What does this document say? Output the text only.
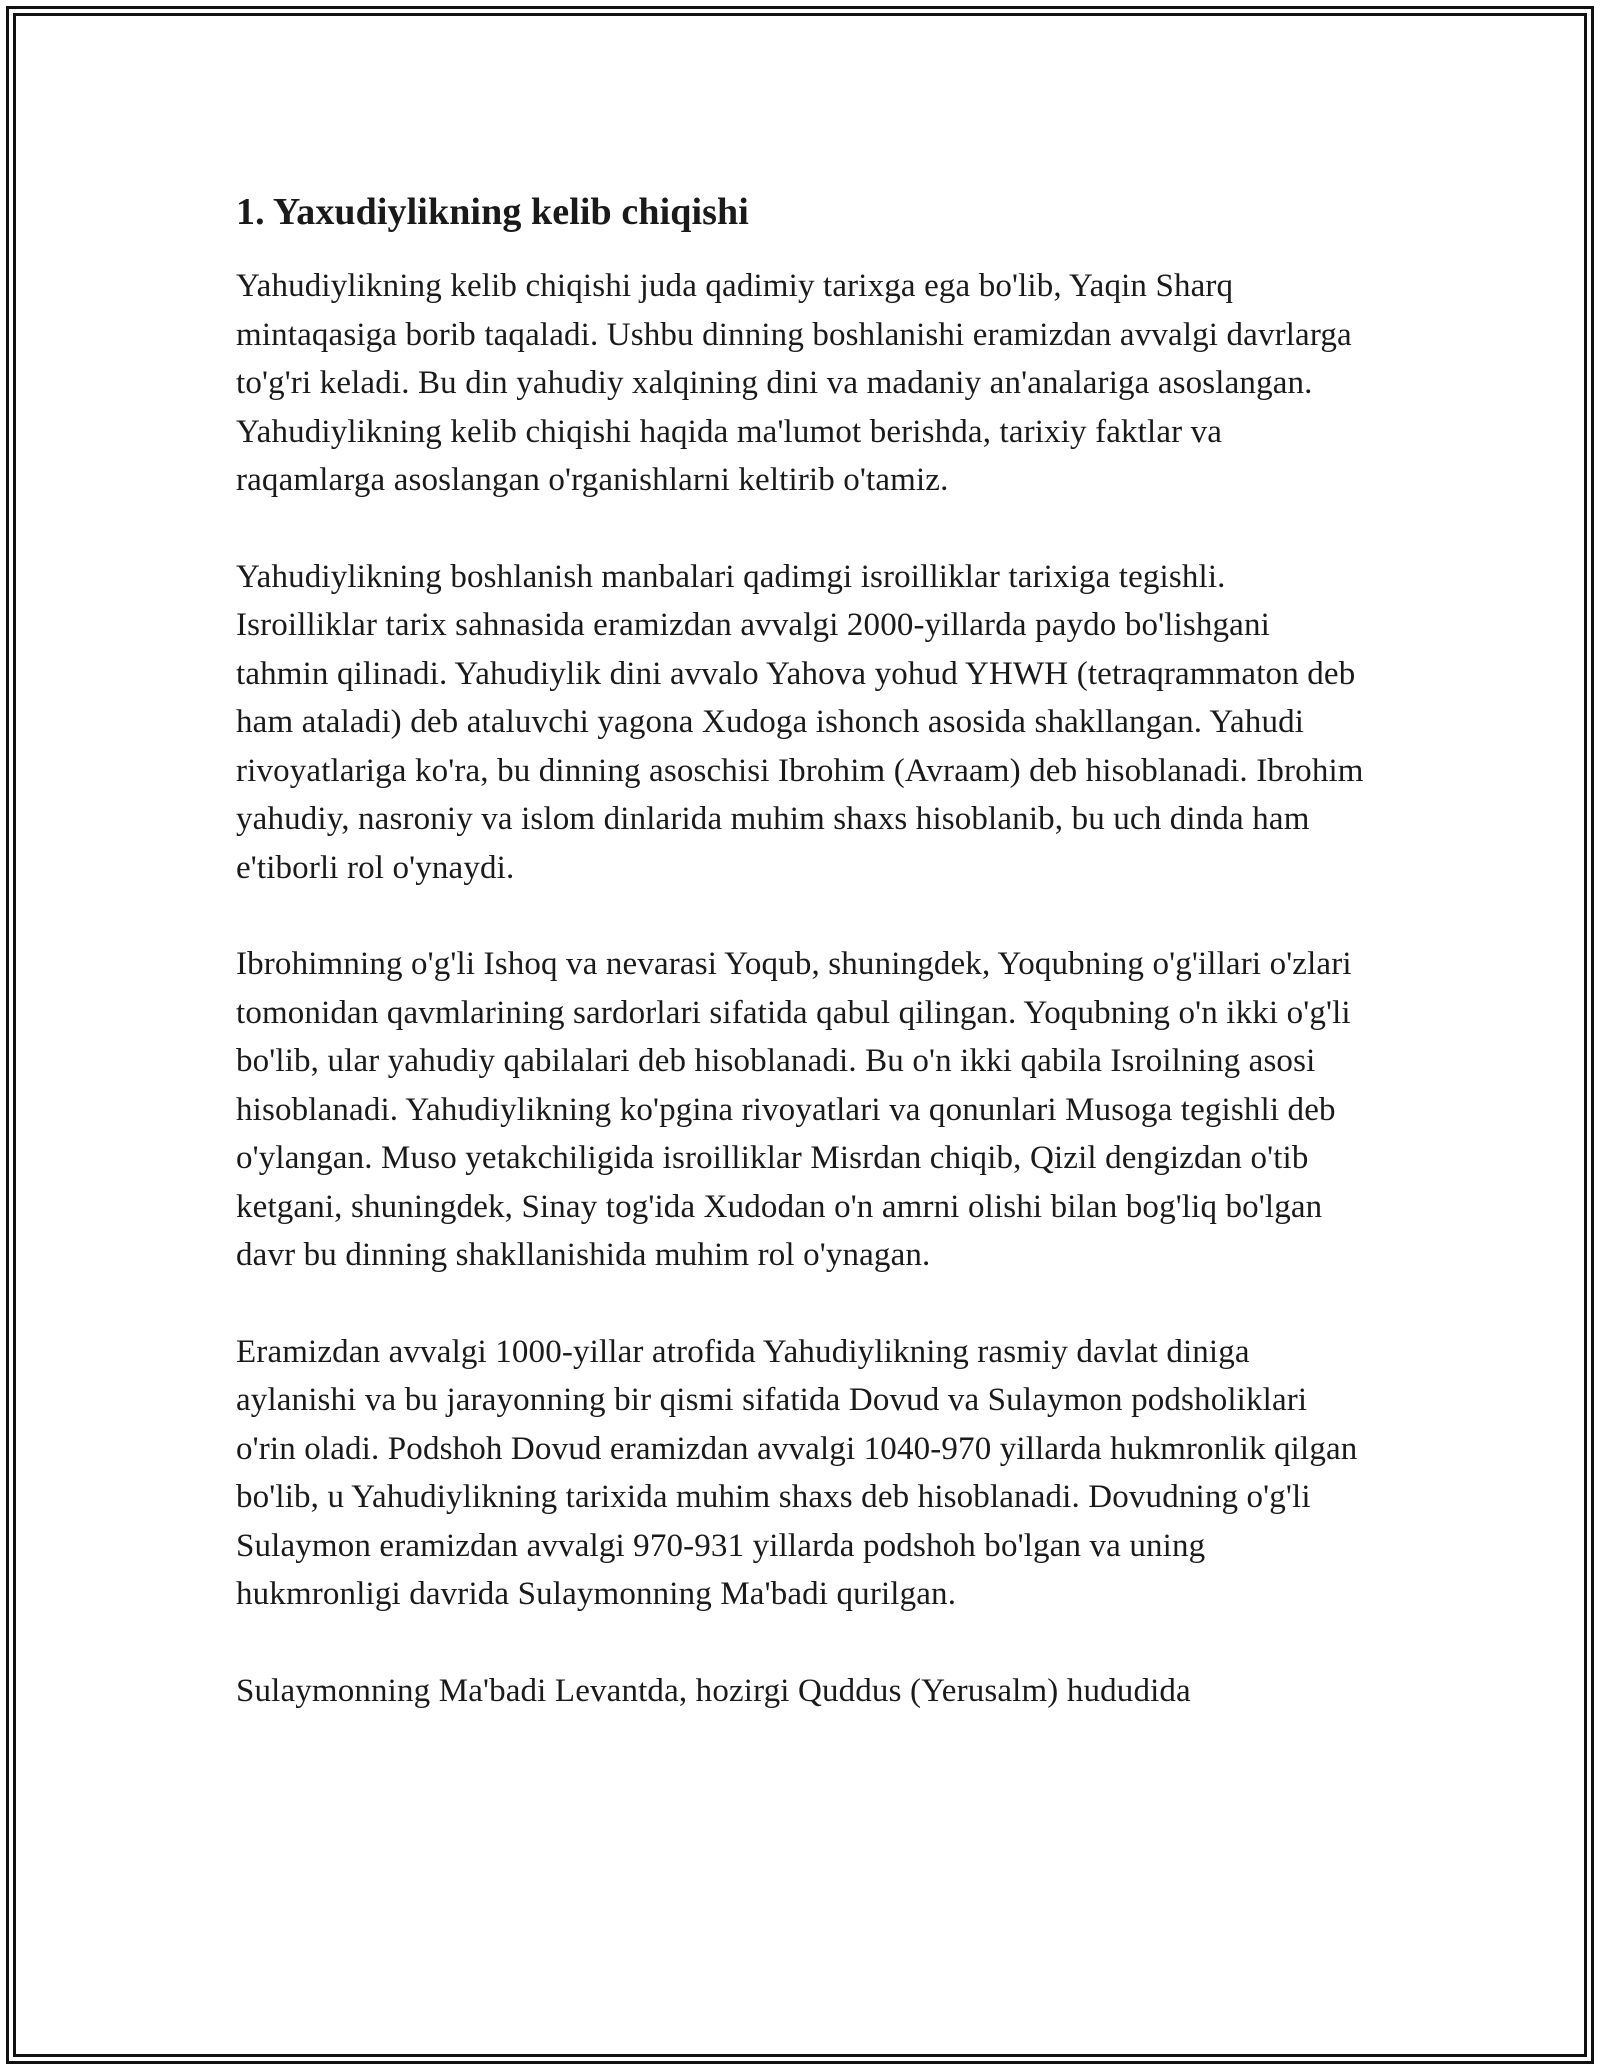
1. Yaxudiylikning kelib chiqishi

Yahudiylikning kelib chiqishi juda qadimiy tarixga ega bo'lib, Yaqin Sharq mintaqasiga borib taqaladi. Ushbu dinning boshlanishi eramizdan avvalgi davrlarga to'g'ri keladi. Bu din yahudiy xalqining dini va madaniy an'analariga asoslangan. Yahudiylikning kelib chiqishi haqida ma'lumot berishda, tarixiy faktlar va raqamlarga asoslangan o'rganishlarni keltirib o'tamiz.

Yahudiylikning boshlanish manbalari qadimgi isroilliklar tarixiga tegishli. Isroilliklar tarix sahnasida eramizdan avvalgi 2000-yillarda paydo bo'lishgani tahmin qilinadi. Yahudiylik dini avvalo Yahova yohud YHWH (tetraqrammaton deb ham ataladi) deb ataluvchi yagona Xudoga ishonch asosida shakllangan. Yahudi rivoyatlariga ko'ra, bu dinning asoschisi Ibrohim (Avraam) deb hisoblanadi. Ibrohim yahudiy, nasroniy va islom dinlarida muhim shaxs hisoblanib, bu uch dinda ham e'tiborli rol o'ynaydi.

Ibrohimning o'g'li Ishoq va nevarasi Yoqub, shuningdek, Yoqubning o'g'illari o'zlari tomonidan qavmlarining sardorlari sifatida qabul qilingan. Yoqubning o'n ikki o'g'li bo'lib, ular yahudiy qabilalari deb hisoblanadi. Bu o'n ikki qabila Isroilning asosi hisoblanadi. Yahudiylikning ko'pgina rivoyatlari va qonunlari Musoga tegishli deb o'ylangan. Muso yetakchiligida isroilliklar Misrdan chiqib, Qizil dengizdan o'tib ketgani, shuningdek, Sinay tog'ida Xudodan o'n amrni olishi bilan bog'liq bo'lgan davr bu dinning shakllanishida muhim rol o'ynagan.

Eramizdan avvalgi 1000-yillar atrofida Yahudiylikning rasmiy davlat diniga aylanishi va bu jarayonning bir qismi sifatida Dovud va Sulaymon podsholiklari o'rin oladi. Podshoh Dovud eramizdan avvalgi 1040-970 yillarda hukmronlik qilgan bo'lib, u Yahudiylikning tarixida muhim shaxs deb hisoblanadi. Dovudning o'g'li Sulaymon eramizdan avvalgi 970-931 yillarda podshoh bo'lgan va uning hukmronligi davrida Sulaymonning Ma'badi qurilgan.

Sulaymonning Ma'badi Levantda, hozirgi Quddus (Yerusalm) hududida
